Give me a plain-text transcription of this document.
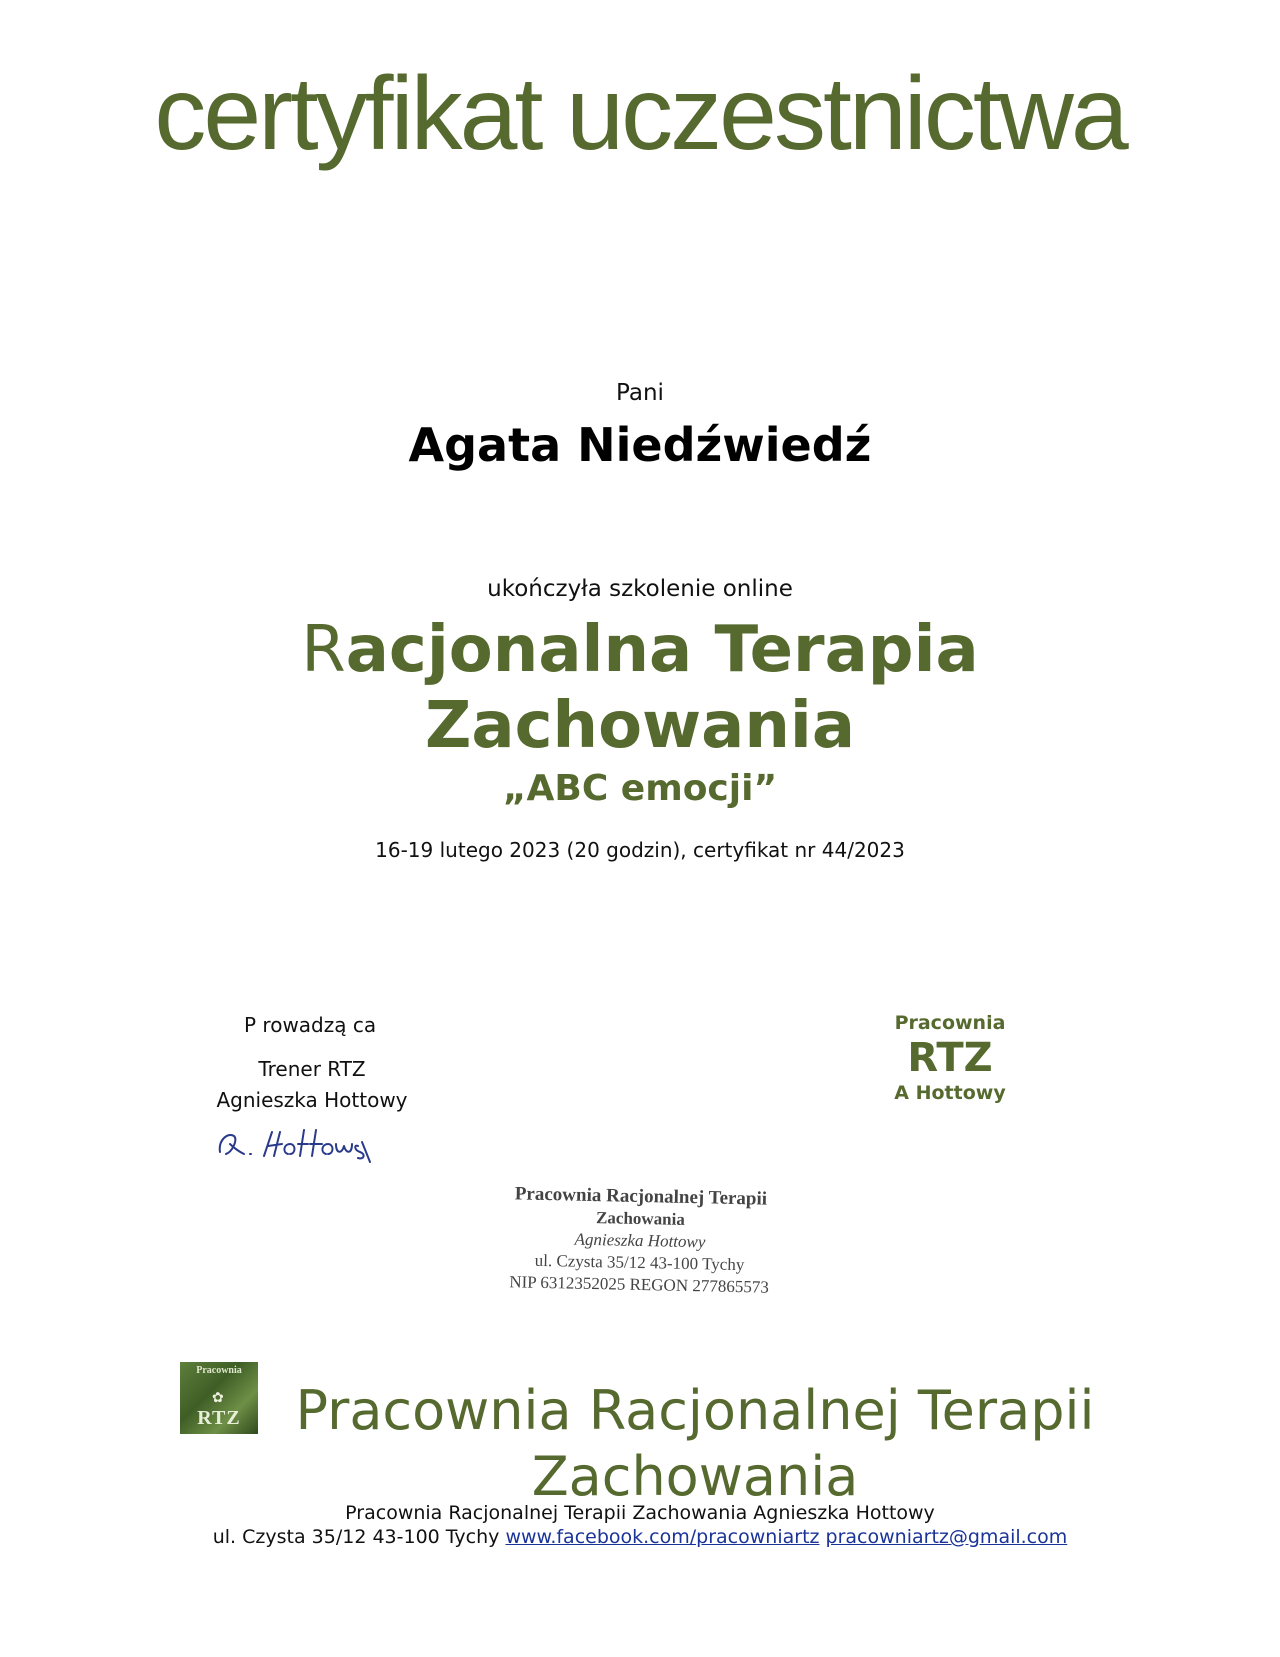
certyfikat uczestnictwa
Pani
Agata Niedźwiedź
ukończyła szkolenie online
Racjonalna Terapia
Zachowania
„ABC emocji”
16-19 lutego 2023 (20 godzin), certyfikat nr 44/2023
P rowadzą ca
Trener RTZ
Agnieszka Hottowy
Pracownia
RTZ
A Hottowy
Pracownia Racjonalnej Terapii
Zachowania
Agnieszka Hottowy
ul. Czysta 35/12 43-100 Tychy
NIP 6312352025 REGON 277865573
Pracownia
✿
RTZ	Pracownia Racjonalnej Terapii
Zachowania
Pracownia Racjonalnej Terapii Zachowania Agnieszka Hottowy
ul. Czysta 35/12 43-100 Tychy www.facebook.com/pracowniartz pracowniartz@gmail.com
